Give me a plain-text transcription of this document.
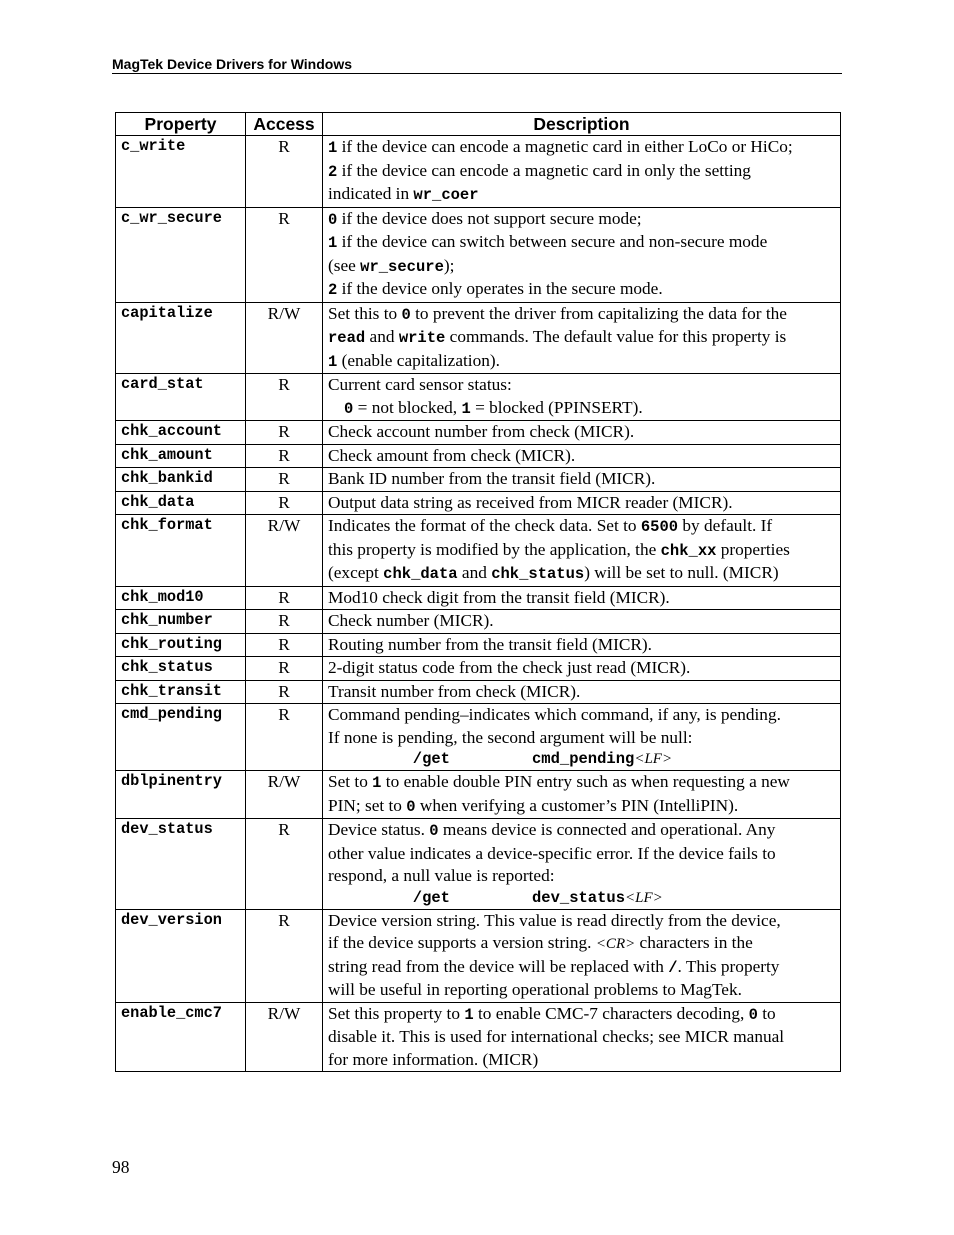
MagTek Device Drivers for Windows
Property	Access	Description
c_write	R	1 if the device can encode a magnetic card in either LoCo or HiCo;
2 if the device can encode a magnetic card in only the setting
indicated in wr_coer

c_wr_secure	R	0 if the device does not support secure mode;
1 if the device can switch between secure and non-secure mode
(see wr_secure);
2 if the device only operates in the secure mode.

capitalize	R/W	Set this to 0 to prevent the driver from capitalizing the data for the
read and write commands. The default value for this property is
1 (enable capitalization).

card_stat	R	Current card sensor status:
0 = not blocked, 1 = blocked (PPINSERT).

chk_account	R	Check account number from check (MICR).

chk_amount	R	Check amount from check (MICR).

chk_bankid	R	Bank ID number from the transit field (MICR).

chk_data	R	Output data string as received from MICR reader (MICR).

chk_format	R/W	Indicates the format of the check data. Set to 6500 by default. If
this property is modified by the application, the chk_xx properties
(except chk_data and chk_status) will be set to null. (MICR)

chk_mod10	R	Mod10 check digit from the transit field (MICR).

chk_number	R	Check number (MICR).

chk_routing	R	Routing number from the transit field (MICR).

chk_status	R	2-digit status code from the check just read (MICR).

chk_transit	R	Transit number from check (MICR).

cmd_pending	R	Command pending–indicates which command, if any, is pending.
If none is pending, the second argument will be null:
/get cmd_pending<LF>

dblpinentry	R/W	Set to 1 to enable double PIN entry such as when requesting a new
PIN; set to 0 when verifying a customer’s PIN (IntelliPIN).

dev_status	R	Device status. 0 means device is connected and operational. Any
other value indicates a device-specific error. If the device fails to
respond, a null value is reported:
/get dev_status<LF>

dev_version	R	Device version string. This value is read directly from the device,
if the device supports a version string. <CR> characters in the
string read from the device will be replaced with /. This property
will be useful in reporting operational problems to MagTek.

enable_cmc7	R/W	Set this property to 1 to enable CMC-7 characters decoding, 0 to
disable it. This is used for international checks; see MICR manual
for more information. (MICR)
98
